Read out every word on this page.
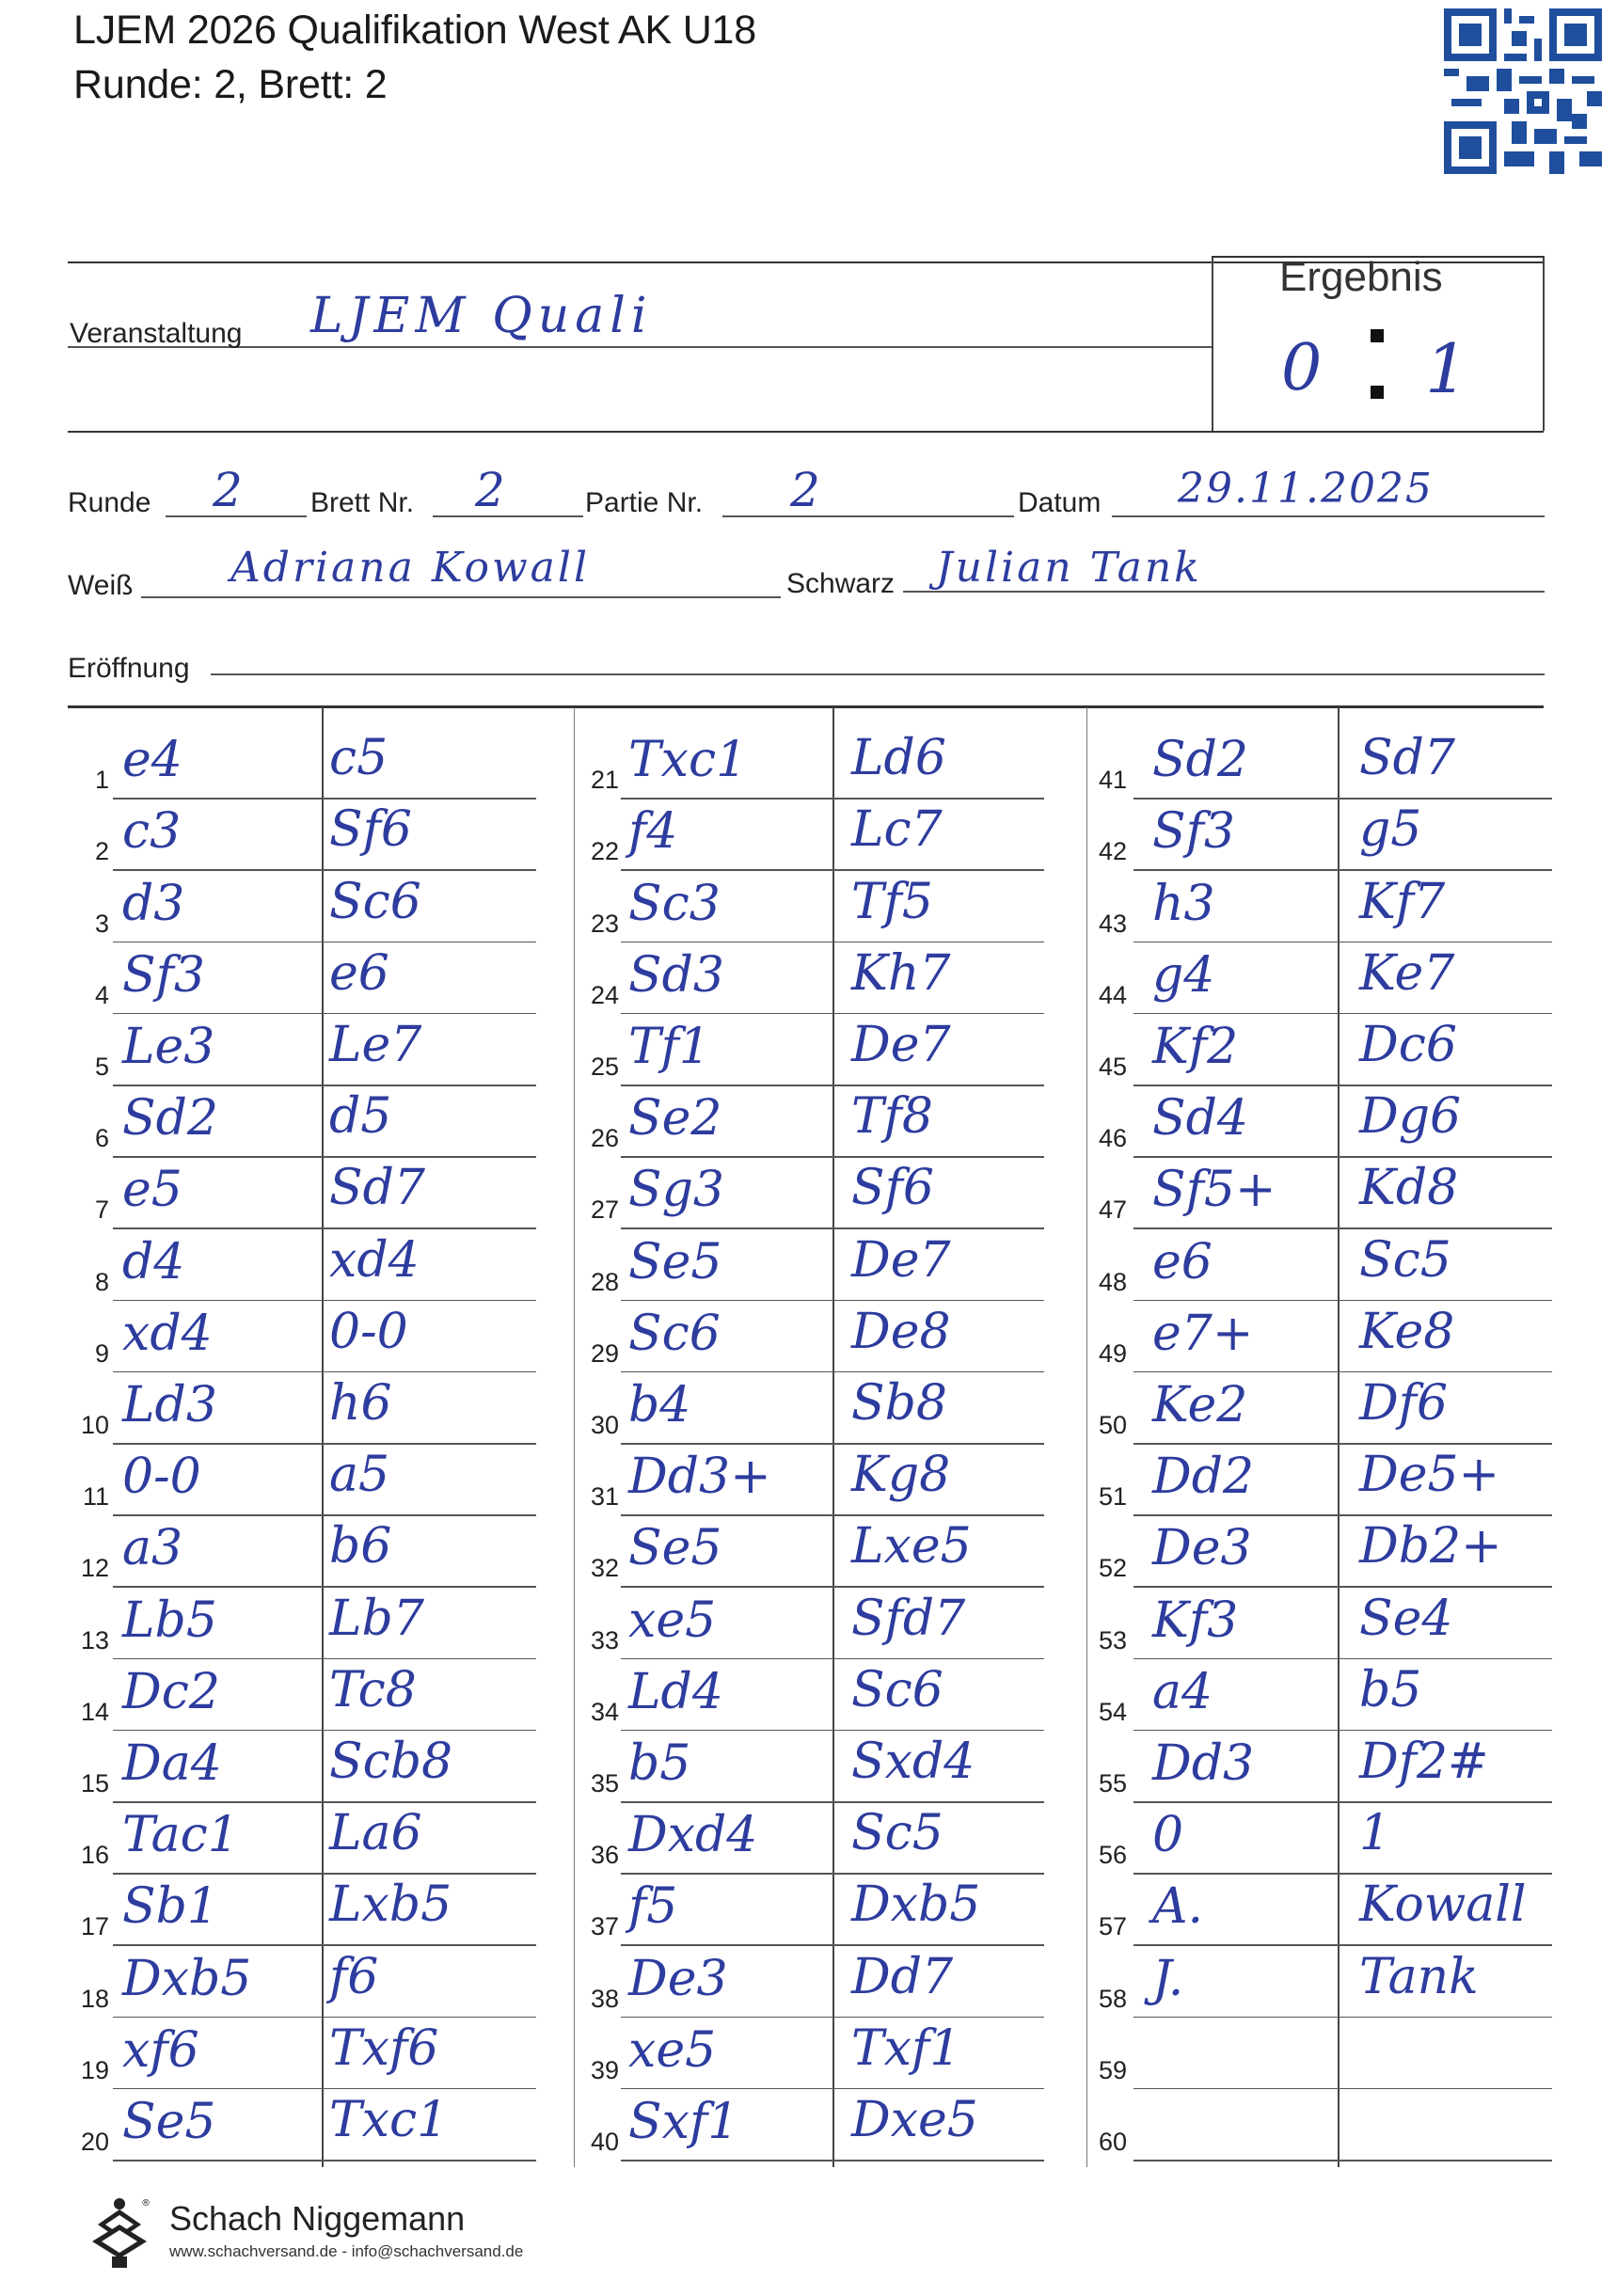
LJEM 2026 Qualifikation West AK U18
Runde: 2, Brett: 2
Veranstaltung LJEM Quali
Ergebnis
0 1
Runde 2 Brett Nr. 2	Partie Nr. 2	Datum 29.11.2025
Weiß Adriana Kowall	Schwarz Julian Tank
Eröffnung
1 e4	c5
2 c3	Sf6
3 d3	Sc6
4 Sf3	e6
5 Le3 Le7
6 Sd2 d5
7 e5	Sd7
8 d4	xd4
9 xd4 0-0
10 Ld3 h6
11 0-0	a5
12 a3	b6
13 Lb5 Lb7
14 Dc2 Tc8
15 Da4 Scb8
16 Tac1 La6
17 Sb1 Lxb5
18 Dxb5 f6
19 xf6	Txf6
20 Se5 Txc1
21 Txc1 Ld6
22 f4	Lc7
23 Sc3	Tf5
24 Sd3	Kh7
25 Tf1	De7
26 Se2	Tf8
27 Sg3	Sf6
28 Se5	De7
29 Sc6	De8
30 b4	Sb8
31 Dd3+ Kg8
32 Se5	Lxe5
33 xe5	Sfd7
34 Ld4	Sc6
35 b5	Sxd4
36 Dxd4 Sc5
37 f5	Dxb5
38 De3	Dd7
39 xe5	Txf1
40 Sxf1 Dxe5
41 Sd2 Sd7
42 Sf3	g5
43 h3	Kf7
44 g4	Ke7
45 Kf2 Dc6
46 Sd4 Dg6
47 Sf5+ Kd8
48 e6	Sc5
49 e7+ Ke8
50 Ke2 Df6
51 Dd2 De5+
52 De3 Db2+
53 Kf3 Se4
54 a4	b5
55 Dd3 Df2#
56 0	1
57 A.	Kowall
58 J.	Tank
59
60
® Schach Niggemann
www.schachversand.de - info@schachversand.de
